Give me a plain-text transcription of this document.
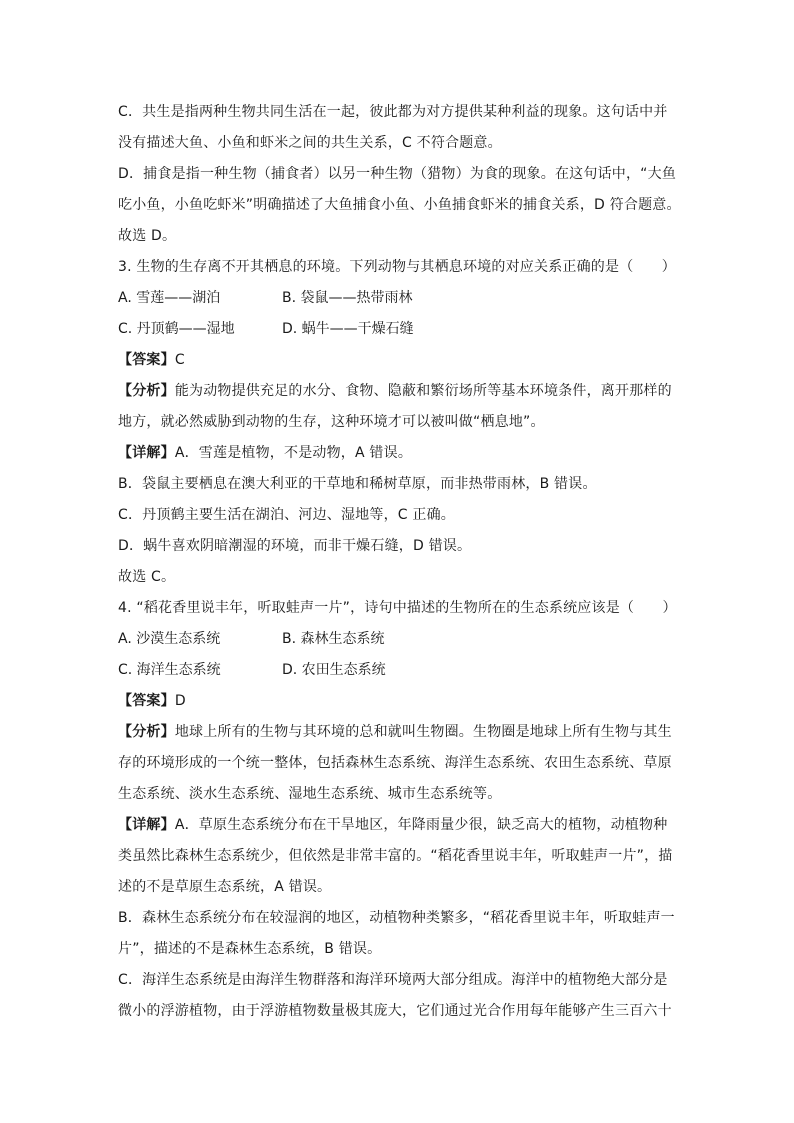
C．共生是指两种生物共同生活在一起，彼此都为对方提供某种利益的现象。这句话中并
没有描述大鱼、小鱼和虾米之间的共生关系，C 不符合题意。
D．捕食是指一种生物（捕食者）以另一种生物（猎物）为食的现象。在这句话中，“大鱼
吃小鱼，小鱼吃虾米”明确描述了大鱼捕食小鱼、小鱼捕食虾米的捕食关系，D 符合题意。
故选 D。
3. 生物的生存离不开其栖息的环境。下列动物与其栖息环境的对应关系正确的是（　　）
A. 雪莲——湖泊	B. 袋鼠——热带雨林
C. 丹顶鹤——湿地	D. 蜗牛——干燥石缝
【答案】C
【分析】能为动物提供充足的水分、食物、隐蔽和繁衍场所等基本环境条件，离开那样的
地方，就必然威胁到动物的生存，这种环境才可以被叫做“栖息地”。
【详解】A．雪莲是植物，不是动物，A 错误。
B．袋鼠主要栖息在澳大利亚的干草地和稀树草原，而非热带雨林，B 错误。
C．丹顶鹤主要生活在湖泊、河边、湿地等，C 正确。
D．蜗牛喜欢阴暗潮湿的环境，而非干燥石缝，D 错误。
故选 C。
4. “稻花香里说丰年，听取蛙声一片”，诗句中描述的生物所在的生态系统应该是（　　）
A. 沙漠生态系统	B. 森林生态系统
C. 海洋生态系统	D. 农田生态系统
【答案】D
【分析】地球上所有的生物与其环境的总和就叫生物圈。生物圈是地球上所有生物与其生
存的环境形成的一个统一整体，包括森林生态系统、海洋生态系统、农田生态系统、草原
生态系统、淡水生态系统、湿地生态系统、城市生态系统等。
【详解】A．草原生态系统分布在干旱地区，年降雨量少很，缺乏高大的植物，动植物种
类虽然比森林生态系统少，但依然是非常丰富的。“稻花香里说丰年，听取蛙声一片”，描
述的不是草原生态系统，A 错误。
B．森林生态系统分布在较湿润的地区，动植物种类繁多，“稻花香里说丰年，听取蛙声一
片”，描述的不是森林生态系统，B 错误。
C．海洋生态系统是由海洋生物群落和海洋环境两大部分组成。海洋中的植物绝大部分是
微小的浮游植物，由于浮游植物数量极其庞大，它们通过光合作用每年能够产生三百六十
